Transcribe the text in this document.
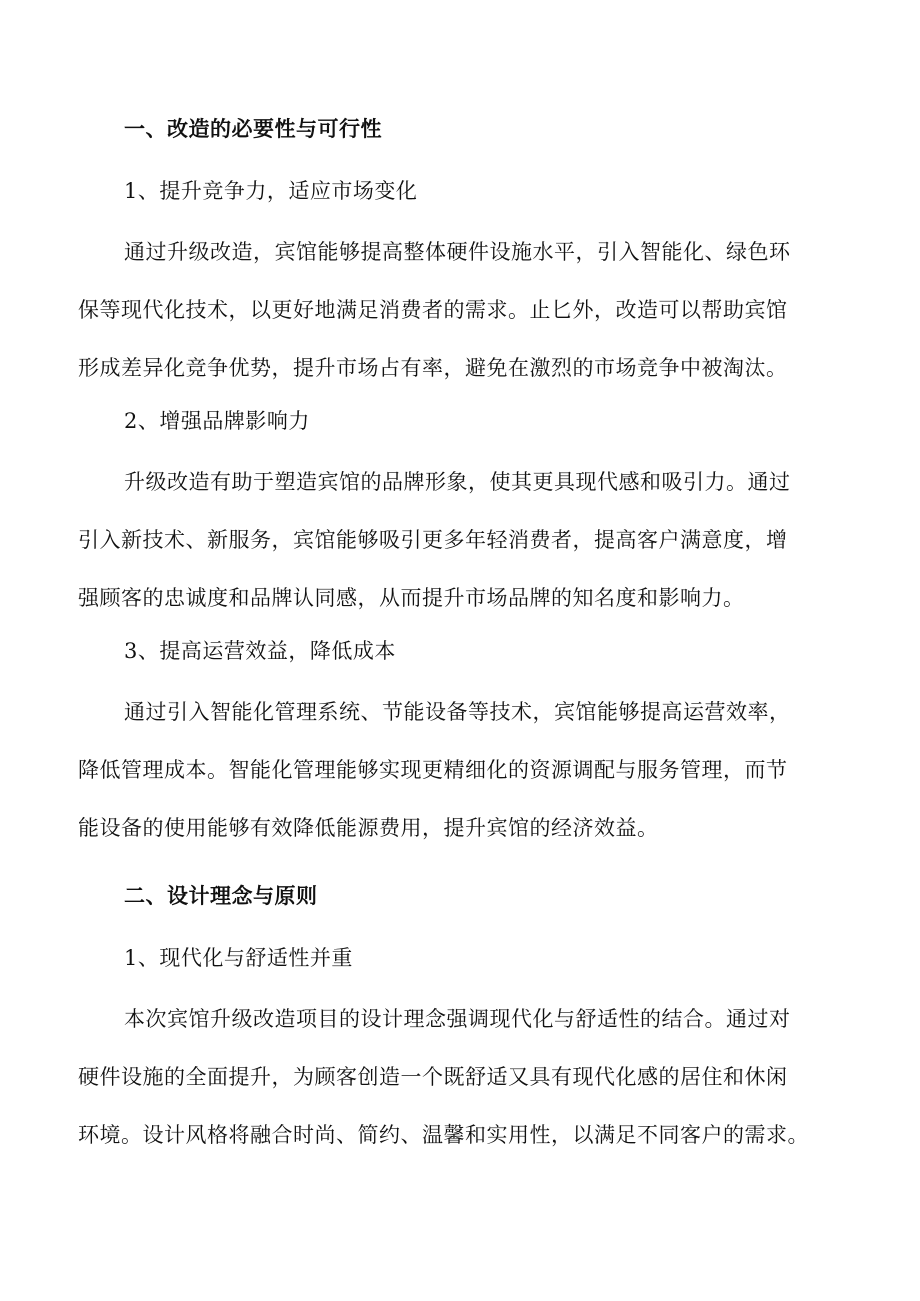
一、改造的必要性与可行性
1、提升竞争力，适应市场变化
通过升级改造，宾馆能够提高整体硬件设施水平，引入智能化、绿色环
保等现代化技术，以更好地满足消费者的需求。止匕外，改造可以帮助宾馆
形成差异化竞争优势，提升市场占有率，避免在激烈的市场竞争中被淘汰。
2、增强品牌影响力
升级改造有助于塑造宾馆的品牌形象，使其更具现代感和吸引力。通过
引入新技术、新服务，宾馆能够吸引更多年轻消费者，提高客户满意度，增
强顾客的忠诚度和品牌认同感，从而提升市场品牌的知名度和影响力。
3、提高运营效益，降低成本
通过引入智能化管理系统、节能设备等技术，宾馆能够提高运营效率，
降低管理成本。智能化管理能够实现更精细化的资源调配与服务管理，而节
能设备的使用能够有效降低能源费用，提升宾馆的经济效益。
二、设计理念与原则
1、现代化与舒适性并重
本次宾馆升级改造项目的设计理念强调现代化与舒适性的结合。通过对
硬件设施的全面提升，为顾客创造一个既舒适又具有现代化感的居住和休闲
环境。设计风格将融合时尚、简约、温馨和实用性，以满足不同客户的需求。
